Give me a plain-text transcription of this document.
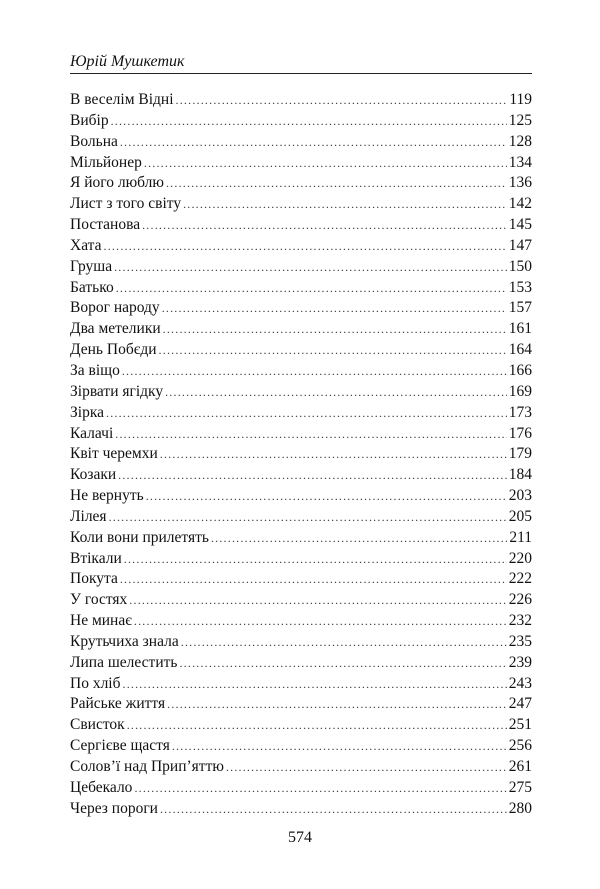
Юрій Мушкетик
В веселім Відні . . .	119
Вибір . . .	125
Вольна . . .	128
Мільйонер . . .	134
Я його люблю . . .	136
Лист з того світу . . .	142
Постанова . . .	145
Хата . . .	147
Груша . . .	150
Батько . . .	153
Ворог народу . . .	157
Два метелики . . .	161
День Побєди . . .	164
За віщо . . .	166
Зірвати ягідку . . .	169
Зірка . . .	173
Калачі . . .	176
Квіт черемхи . . .	179
Козаки . . .	184
Не вернуть . . .	203
Лілея . . .	205
Коли вони прилетять . . .	211
Втікали . . .	220
Покута . . .	222
У гостях . . .	226
Не минає . . .	232
Крутьчиха знала . . .	235
Липа шелестить . . .	239
По хліб . . .	243
Райське життя . . .	247
Свисток . . .	251
Сергієве щастя . . .	256
Солов’ї над Прип’яттю . . .	261
Цебекало . . .	275
Через пороги . . .	280
574
